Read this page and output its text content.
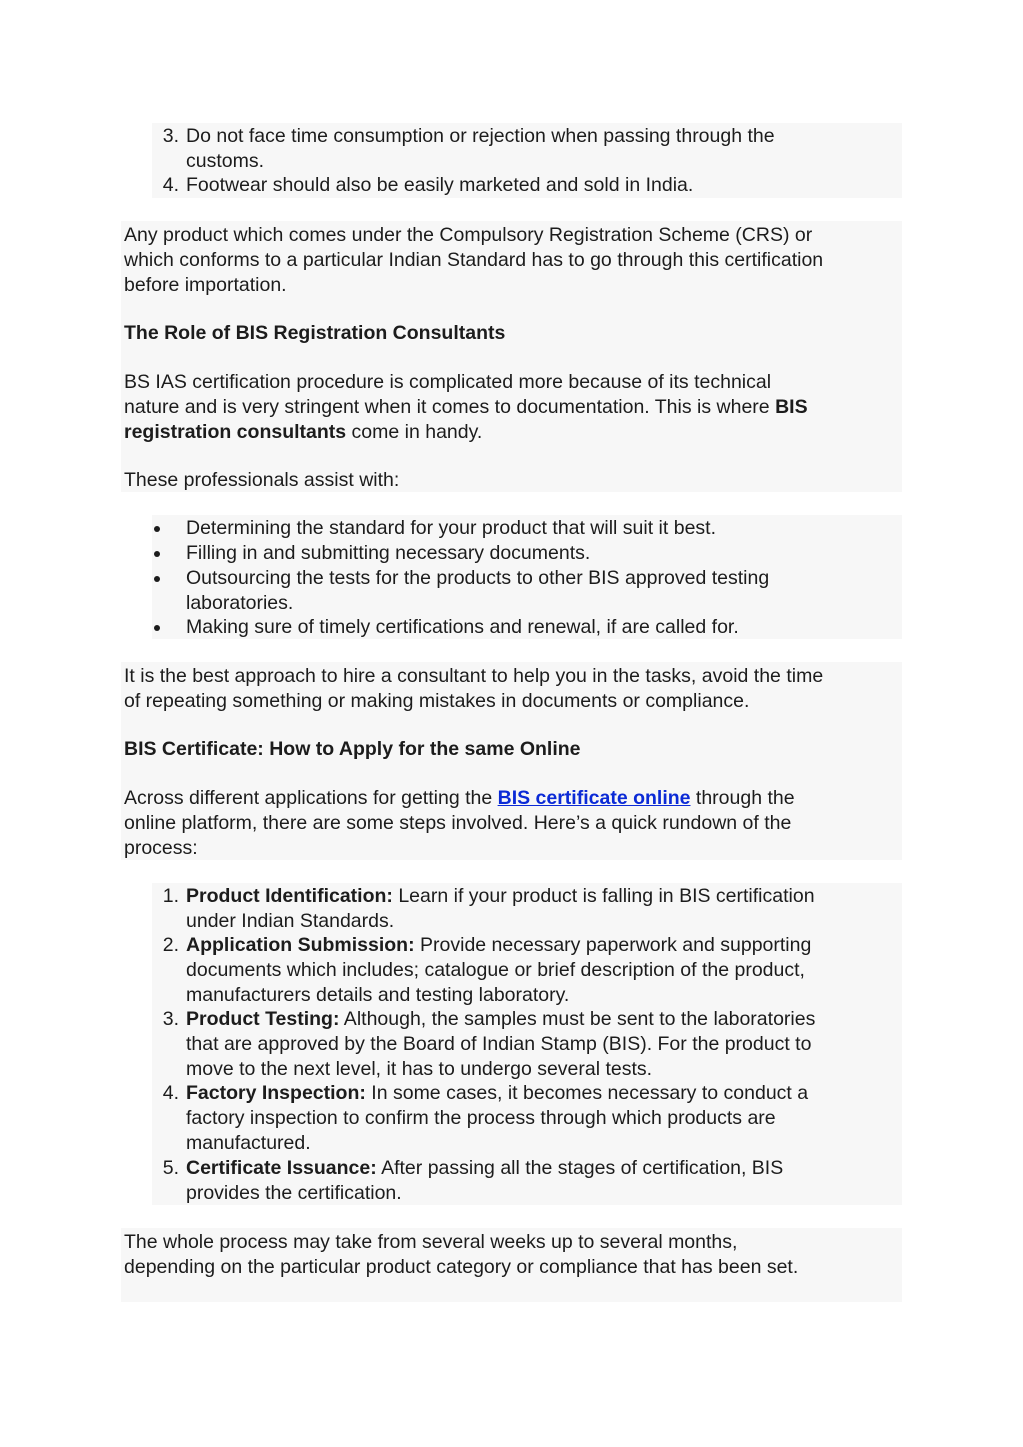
3. Do not face time consumption or rejection when passing through the
customs.
4. Footwear should also be easily marketed and sold in India.
Any product which comes under the Compulsory Registration Scheme (CRS) or
which conforms to a particular Indian Standard has to go through this certification
before importation.
The Role of BIS Registration Consultants
BS IAS certification procedure is complicated more because of its technical
nature and is very stringent when it comes to documentation. This is where BIS
registration consultants come in handy.
These professionals assist with:
Determining the standard for your product that will suit it best.
Filling in and submitting necessary documents.
Outsourcing the tests for the products to other BIS approved testing
laboratories.
Making sure of timely certifications and renewal, if are called for.
It is the best approach to hire a consultant to help you in the tasks, avoid the time
of repeating something or making mistakes in documents or compliance.
BIS Certificate: How to Apply for the same Online
Across different applications for getting the BIS certificate online through the
online platform, there are some steps involved. Here’s a quick rundown of the
process:
1. Product Identification: Learn if your product is falling in BIS certification
under Indian Standards.
2. Application Submission: Provide necessary paperwork and supporting
documents which includes; catalogue or brief description of the product,
manufacturers details and testing laboratory.
3. Product Testing: Although, the samples must be sent to the laboratories
that are approved by the Board of Indian Stamp (BIS). For the product to
move to the next level, it has to undergo several tests.
4. Factory Inspection: In some cases, it becomes necessary to conduct a
factory inspection to confirm the process through which products are
manufactured.
5. Certificate Issuance: After passing all the stages of certification, BIS
provides the certification.
The whole process may take from several weeks up to several months,
depending on the particular product category or compliance that has been set.
